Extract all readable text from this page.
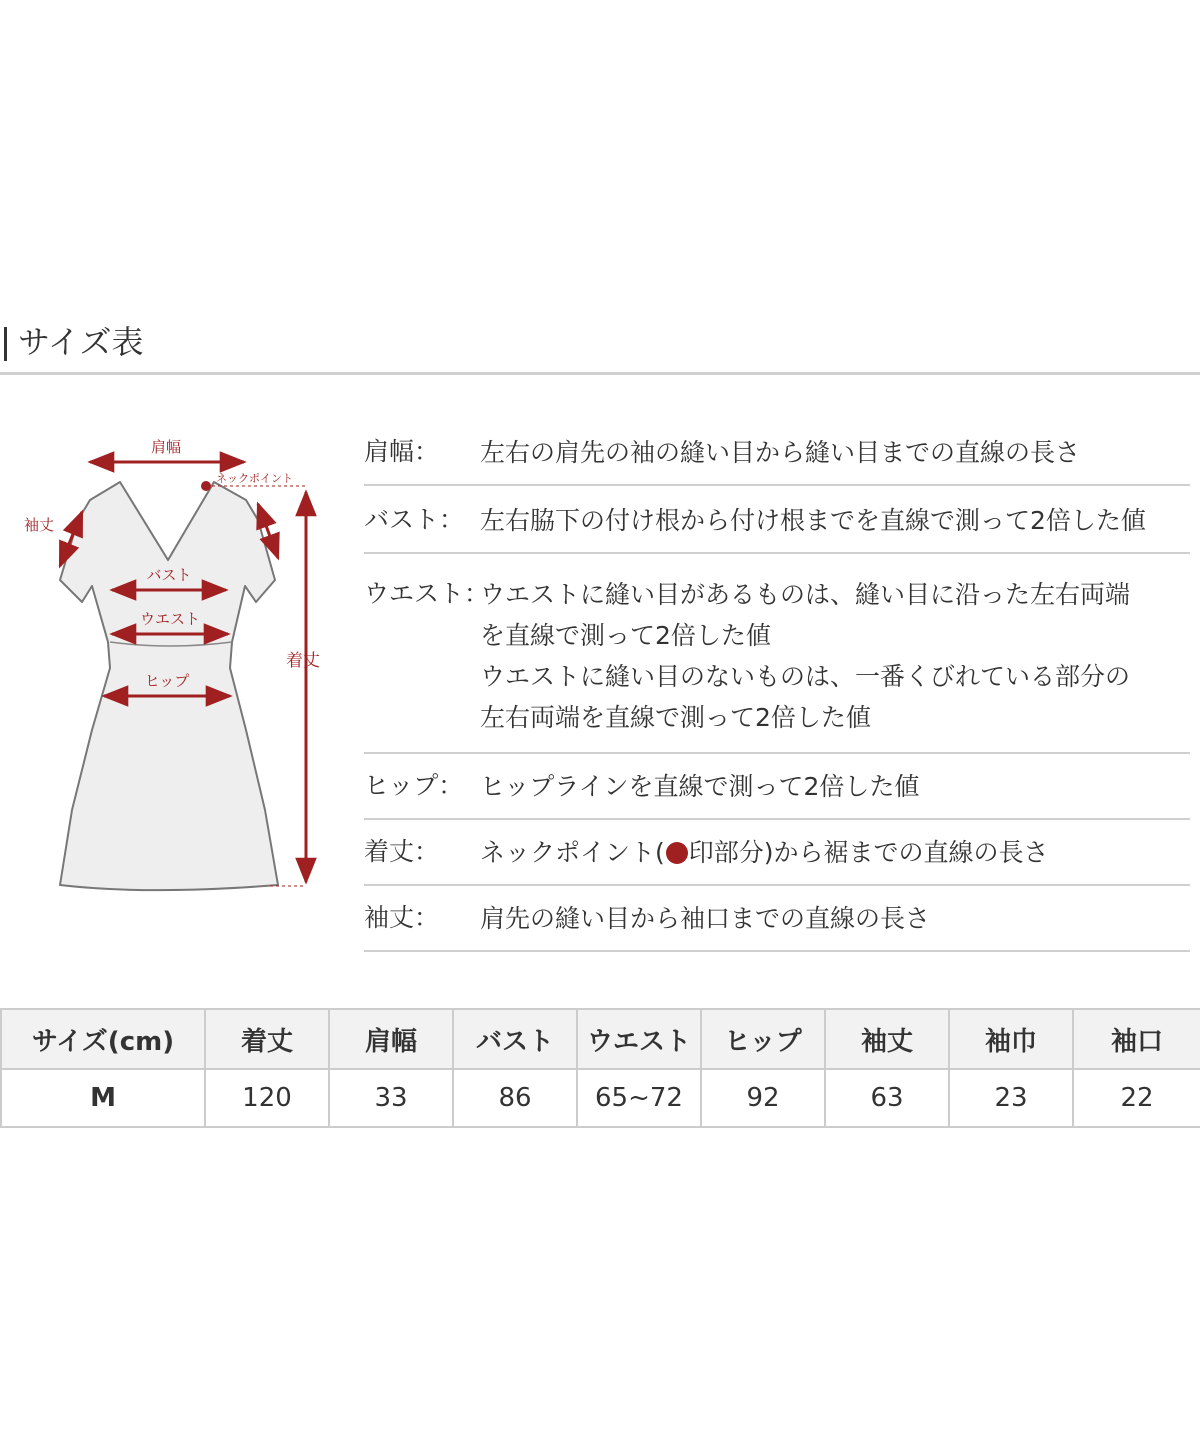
サイズ表
肩幅
ネックポイント
袖丈
バスト
ウエスト
ヒップ
着丈
肩幅： 左右の肩先の袖の縫い目から縫い目までの直線の長さ
バスト： 左右脇下の付け根から付け根までを直線で測って2倍した値
ウエスト：
ウエストに縫い目があるものは、縫い目に沿った左右両端
を直線で測って2倍した値
ウエストに縫い目のないものは、一番くびれている部分の
左右両端を直線で測って2倍した値
ヒップ： ヒップラインを直線で測って2倍した値
着丈： ネックポイント( 印部分)から裾までの直線の長さ
袖丈： 肩先の縫い目から袖口までの直線の長さ
サイズ(cm)	着丈	肩幅	バスト	ウエスト	ヒップ	袖丈	袖巾	袖口
M	120	33	86	65~72	92	63	23	22
